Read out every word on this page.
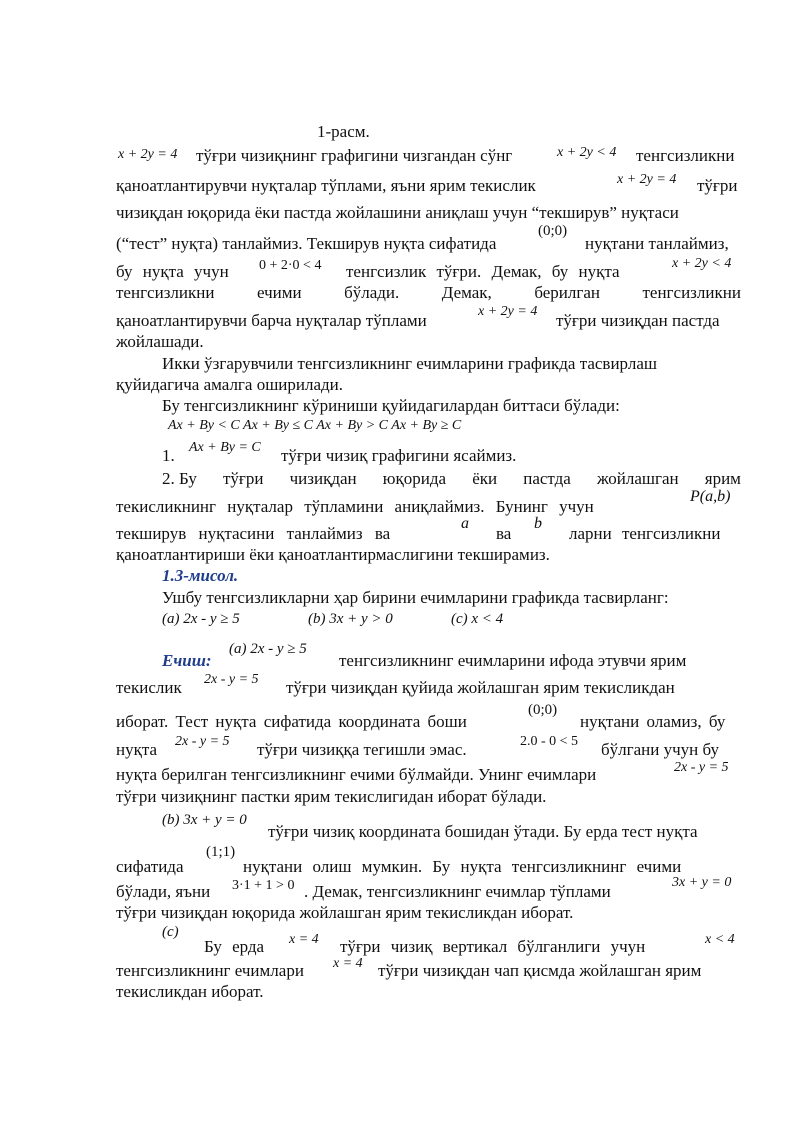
1-расм.
x + 2y = 4 тўғри чизиқнинг графигини чизгандан сўнг	x + 2y < 4 тенгсизликни
қаноатлантирувчи нуқталар тўплами, яъни ярим текислик	x + 2y = 4 тўғри
чизиқдан юқорида ёки пастда жойлашини аниқлаш учун “текширув” нуқтаси
(“тест” нуқта) танлаймиз. Текширув нуқта сифатида
(0;0)
нуқтани танлаймиз,
бу нуқта учун 0 + 2·0 < 4 тенгсизлик тўғри. Демак, бу нуқта	x + 2y < 4
тенгсизликни	ечими	бўлади.	Демак,	берилган	тенгсизликни
қаноатлантирувчи барча нуқталар тўплами	x + 2y = 4 тўғри чизиқдан пастда
жойлашади.
Икки ўзгарувчили тенгсизликнинг ечимларини графикда тасвирлаш
қуйидагича амалга оширилади.
Бу тенгсизликнинг кўриниши қуйидагилардан биттаси бўлади:
Ax + By < C Ax + By ≤ C Ax + By > C Ax + By ≥ C
1. Ax + By = C тўғри чизиқ графигини ясаймиз.
2. Бу тўғри чизиқдан юқорида ёки пастда жойлашган ярим
текисликнинг нуқталар тўпламини аниқлаймиз. Бунинг учун
P(a,b)
текширув нуқтасини танлаймиз ва
a
ва
b
ларни тенгсизликни
қаноатлантириши ёки қаноатлантирмаслигини текширамиз.
1.3-мисол.
Ушбу тенгсизликларни ҳар бирини ечимларини графикда тасвирланг:
(a) 2x - y ≥ 5	(b) 3x + y > 0	(c) x < 4
Ечиш:
(a) 2x - y ≥ 5
тенгсизликнинг ечимларини ифода этувчи ярим
текислик 2x - y = 5 тўғри чизиқдан қуйида жойлашган ярим текисликдан
иборат. Тест нуқта сифатида координата боши
(0;0)
нуқтани оламиз, бу
нуқта 2x - y = 5 тўғри чизиққа тегишли эмас.	2.0 - 0 < 5 бўлгани учун бу
нуқта берилган тенгсизликнинг ечими бўлмайди. Унинг ечимлари	2x - y = 5
тўғри чизиқнинг пастки ярим текислигидан иборат бўлади.
(b) 3x + y = 0
тўғри чизиқ координата бошидан ўтади. Бу ерда тест нуқта
сифатида
(1;1)
нуқтани олиш мумкин. Бу нуқта тенгсизликнинг ечими
бўлади, яъни 3·1 + 1 > 0 . Демак, тенгсизликнинг ечимлар тўплами	3x + y = 0
тўғри чизиқдан юқорида жойлашган ярим текисликдан иборат.
(c)
Бу ерда x = 4 тўғри чизиқ вертикал бўлганлиги учун	x < 4
тенгсизликнинг ечимлари x = 4 тўғри чизиқдан чап қисмда жойлашган ярим
текисликдан иборат.
